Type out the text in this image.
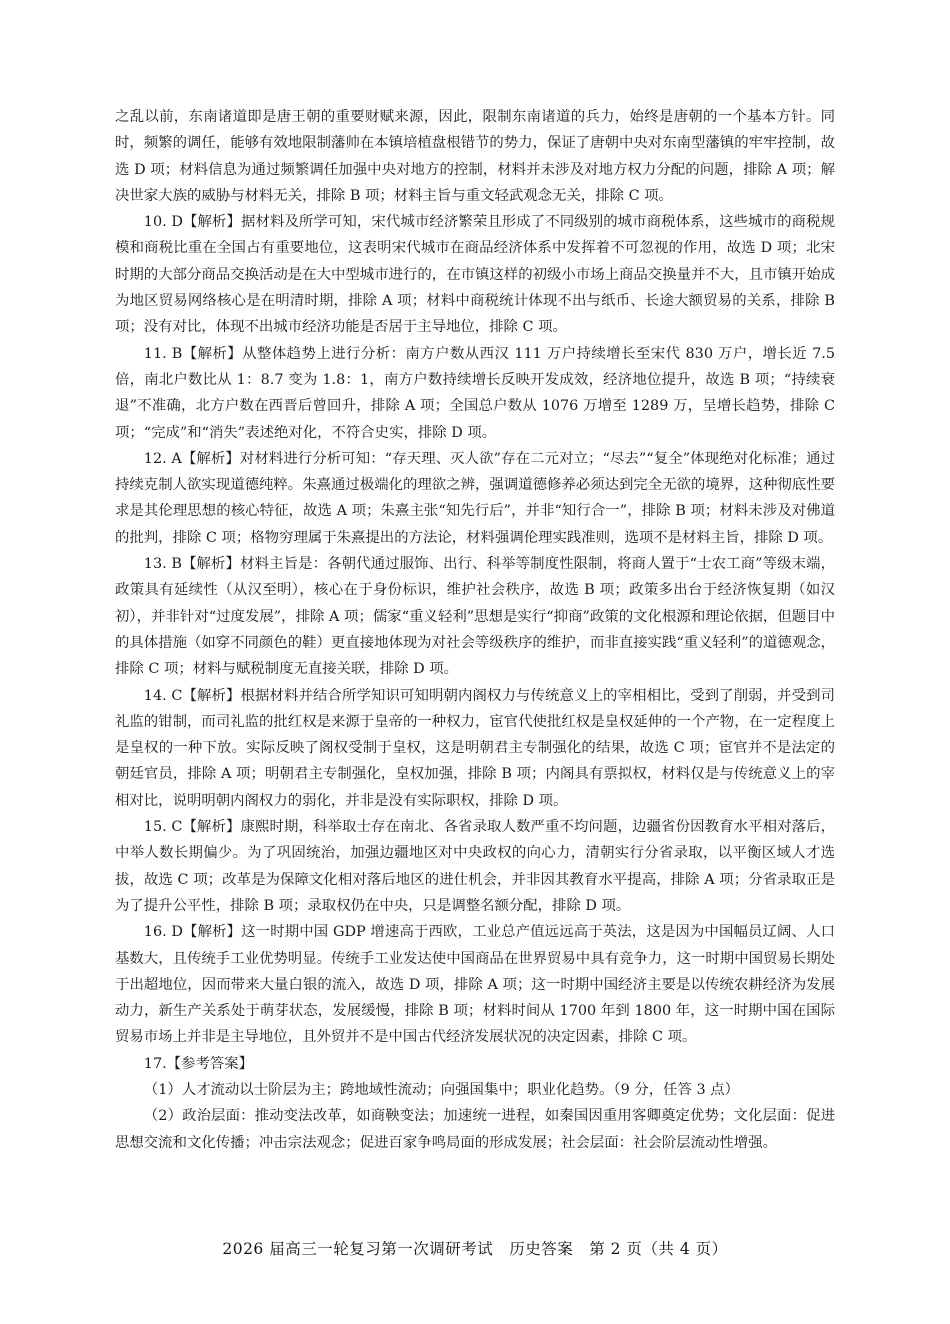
之乱以前，东南诸道即是唐王朝的重要财赋来源，因此，限制东南诸道的兵力，始终是唐朝的一个基本方针。同时，频繁的调任，能够有效地限制藩帅在本镇培植盘根错节的势力，保证了唐朝中央对东南型藩镇的牢牢控制，故选 D 项；材料信息为通过频繁调任加强中央对地方的控制，材料并未涉及对地方权力分配的问题，排除 A 项；解决世家大族的威胁与材料无关，排除 B 项；材料主旨与重文轻武观念无关，排除 C 项。

10. D【解析】据材料及所学可知，宋代城市经济繁荣且形成了不同级别的城市商税体系，这些城市的商税规模和商税比重在全国占有重要地位，这表明宋代城市在商品经济体系中发挥着不可忽视的作用，故选 D 项；北宋时期的大部分商品交换活动是在大中型城市进行的，在市镇这样的初级小市场上商品交换量并不大，且市镇开始成为地区贸易网络核心是在明清时期，排除 A 项；材料中商税统计体现不出与纸币、长途大额贸易的关系，排除 B 项；没有对比，体现不出城市经济功能是否居于主导地位，排除 C 项。

11. B【解析】从整体趋势上进行分析：南方户数从西汉 111 万户持续增长至宋代 830 万户，增长近 7.5 倍，南北户数比从 1：8.7 变为 1.8：1，南方户数持续增长反映开发成效，经济地位提升，故选 B 项；“持续衰退”不准确，北方户数在西晋后曾回升，排除 A 项；全国总户数从 1076 万增至 1289 万，呈增长趋势，排除 C 项；“完成”和“消失”表述绝对化，不符合史实，排除 D 项。

12. A【解析】对材料进行分析可知：“存天理、灭人欲”存在二元对立；“尽去”“复全”体现绝对化标准；通过持续克制人欲实现道德纯粹。朱熹通过极端化的理欲之辨，强调道德修养必须达到完全无欲的境界，这种彻底性要求是其伦理思想的核心特征，故选 A 项；朱熹主张“知先行后”，并非“知行合一”，排除 B 项；材料未涉及对佛道的批判，排除 C 项；格物穷理属于朱熹提出的方法论，材料强调伦理实践准则，选项不是材料主旨，排除 D 项。

13. B【解析】材料主旨是：各朝代通过服饰、出行、科举等制度性限制，将商人置于“士农工商”等级末端，政策具有延续性（从汉至明），核心在于身份标识，维护社会秩序，故选 B 项；政策多出台于经济恢复期（如汉初），并非针对“过度发展”，排除 A 项；儒家“重义轻利”思想是实行“抑商”政策的文化根源和理论依据，但题目中的具体措施（如穿不同颜色的鞋）更直接地体现为对社会等级秩序的维护，而非直接实践“重义轻利”的道德观念，排除 C 项；材料与赋税制度无直接关联，排除 D 项。

14. C【解析】根据材料并结合所学知识可知明朝内阁权力与传统意义上的宰相相比，受到了削弱，并受到司礼监的钳制，而司礼监的批红权是来源于皇帝的一种权力，宦官代使批红权是皇权延伸的一个产物，在一定程度上是皇权的一种下放。实际反映了阁权受制于皇权，这是明朝君主专制强化的结果，故选 C 项；宦官并不是法定的朝廷官员，排除 A 项；明朝君主专制强化，皇权加强，排除 B 项；内阁具有票拟权，材料仅是与传统意义上的宰相对比，说明明朝内阁权力的弱化，并非是没有实际职权，排除 D 项。

15. C【解析】康熙时期，科举取士存在南北、各省录取人数严重不均问题，边疆省份因教育水平相对落后，中举人数长期偏少。为了巩固统治，加强边疆地区对中央政权的向心力，清朝实行分省录取，以平衡区域人才选拔，故选 C 项；改革是为保障文化相对落后地区的进仕机会，并非因其教育水平提高，排除 A 项；分省录取正是为了提升公平性，排除 B 项；录取权仍在中央，只是调整名额分配，排除 D 项。

16. D【解析】这一时期中国 GDP 增速高于西欧，工业总产值远远高于英法，这是因为中国幅员辽阔、人口基数大，且传统手工业优势明显。传统手工业发达使中国商品在世界贸易中具有竞争力，这一时期中国贸易长期处于出超地位，因而带来大量白银的流入，故选 D 项，排除 A 项；这一时期中国经济主要是以传统农耕经济为发展动力，新生产关系处于萌芽状态，发展缓慢，排除 B 项；材料时间从 1700 年到 1800 年，这一时期中国在国际贸易市场上并非是主导地位，且外贸并不是中国古代经济发展状况的决定因素，排除 C 项。

17.【参考答案】

（1）人才流动以士阶层为主；跨地域性流动；向强国集中；职业化趋势。（9 分，任答 3 点）

（2）政治层面：推动变法改革，如商鞅变法；加速统一进程，如秦国因重用客卿奠定优势；文化层面：促进思想交流和文化传播；冲击宗法观念；促进百家争鸣局面的形成发展；社会层面：社会阶层流动性增强。

2026 届高三一轮复习第一次调研考试　历史答案　第 2 页（共 4 页）
